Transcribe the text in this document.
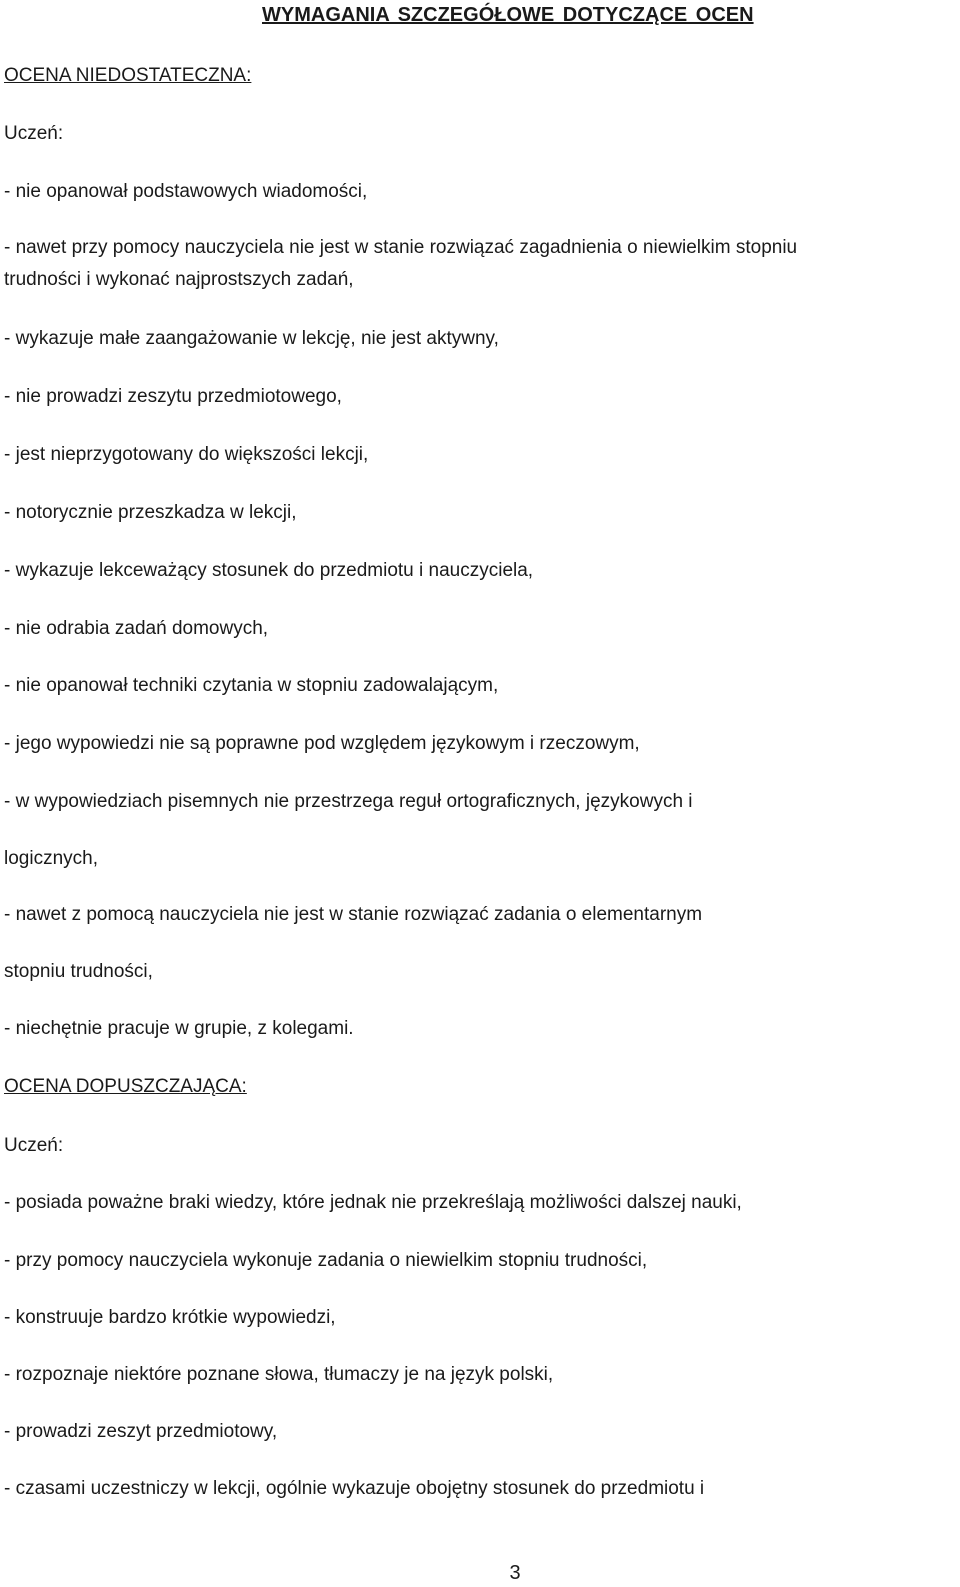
WYMAGANIA SZCZEGÓŁOWE DOTYCZĄCE OCEN

OCENA NIEDOSTATECZNA:

Uczeń:

- nie opanował podstawowych wiadomości,

- nawet przy pomocy nauczyciela nie jest w stanie rozwiązać zagadnienia o niewielkim stopniu

trudności i wykonać najprostszych zadań,

- wykazuje małe zaangażowanie w lekcję, nie jest aktywny,

- nie prowadzi zeszytu przedmiotowego,

- jest nieprzygotowany do większości lekcji,

- notorycznie przeszkadza w lekcji,

- wykazuje lekceważący stosunek do przedmiotu i nauczyciela,

- nie odrabia zadań domowych,

- nie opanował techniki czytania w stopniu zadowalającym,

- jego wypowiedzi nie są poprawne pod względem językowym i rzeczowym,

- w wypowiedziach pisemnych nie przestrzega reguł ortograficznych, językowych i

logicznych,

- nawet z pomocą nauczyciela nie jest w stanie rozwiązać zadania o elementarnym

stopniu trudności,

- niechętnie pracuje w grupie, z kolegami.

OCENA DOPUSZCZAJĄCA:

Uczeń:

- posiada poważne braki wiedzy, które jednak nie przekreślają możliwości dalszej nauki,

- przy pomocy nauczyciela wykonuje zadania o niewielkim stopniu trudności,

- konstruuje bardzo krótkie wypowiedzi,

- rozpoznaje niektóre poznane słowa, tłumaczy je na język polski,

- prowadzi zeszyt przedmiotowy,

- czasami uczestniczy w lekcji, ogólnie wykazuje obojętny stosunek do przedmiotu i

3
